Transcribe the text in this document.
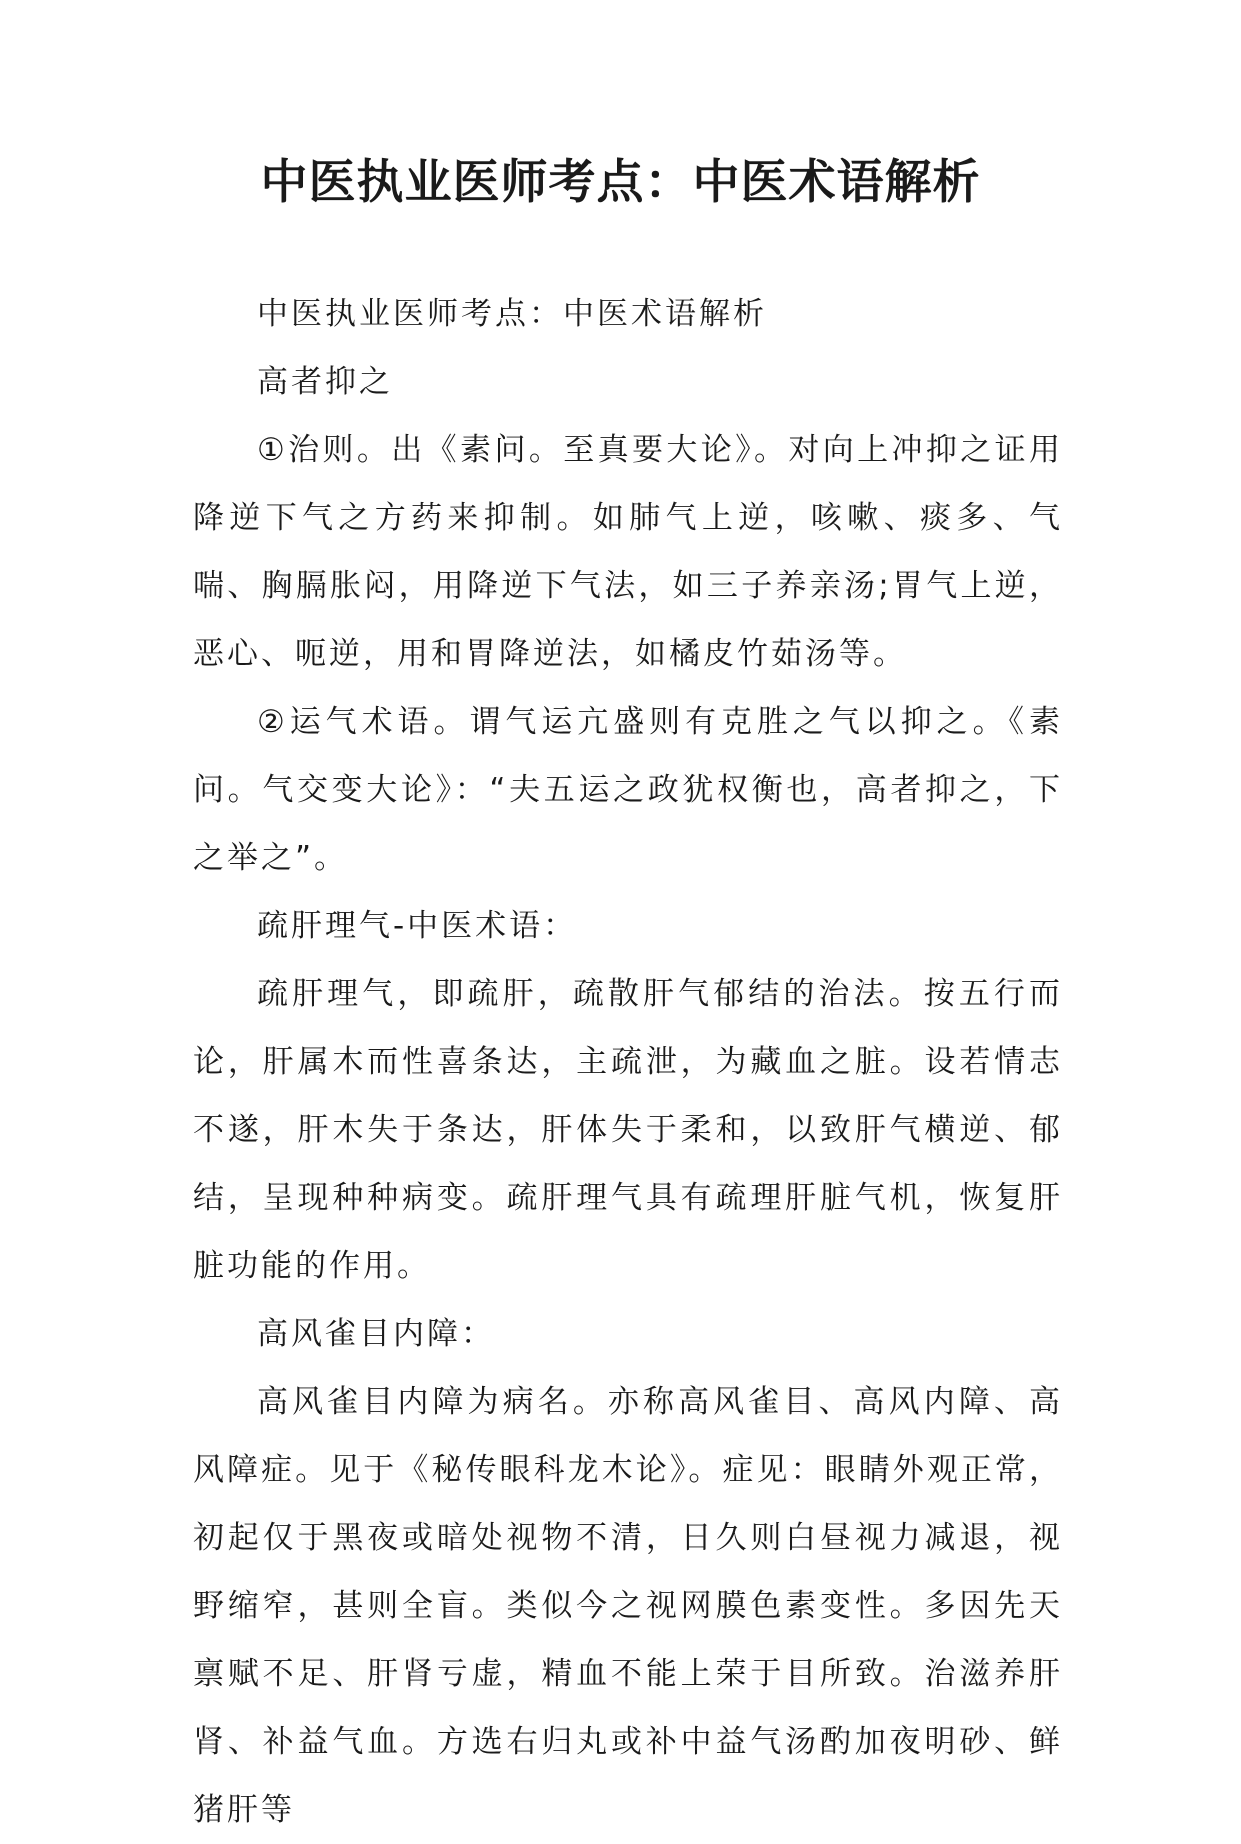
中医执业医师考点：中医术语解析

中医执业医师考点：中医术语解析

高者抑之

①治则。出《素问。至真要大论》。对向上冲抑之证用降逆下气之方药来抑制。如肺气上逆，咳嗽、痰多、气喘、胸膈胀闷，用降逆下气法，如三子养亲汤;胃气上逆，恶心、呃逆，用和胃降逆法，如橘皮竹茹汤等。

②运气术语。谓气运亢盛则有克胜之气以抑之。《素问。气交变大论》：“夫五运之政犹权衡也，高者抑之，下之举之”。

疏肝理气-中医术语：

疏肝理气，即疏肝，疏散肝气郁结的治法。按五行而论，肝属木而性喜条达，主疏泄，为藏血之脏。设若情志不遂，肝木失于条达，肝体失于柔和，以致肝气横逆、郁结，呈现种种病变。疏肝理气具有疏理肝脏气机，恢复肝脏功能的作用。

高风雀目内障：

高风雀目内障为病名。亦称高风雀目、高风内障、高风障症。见于《秘传眼科龙木论》。症见：眼睛外观正常，初起仅于黑夜或暗处视物不清，日久则白昼视力减退，视野缩窄，甚则全盲。类似今之视网膜色素变性。多因先天禀赋不足、肝肾亏虚，精血不能上荣于目所致。治滋养肝肾、补益气血。方选右归丸或补中益气汤酌加夜明砂、鲜猪肝等
